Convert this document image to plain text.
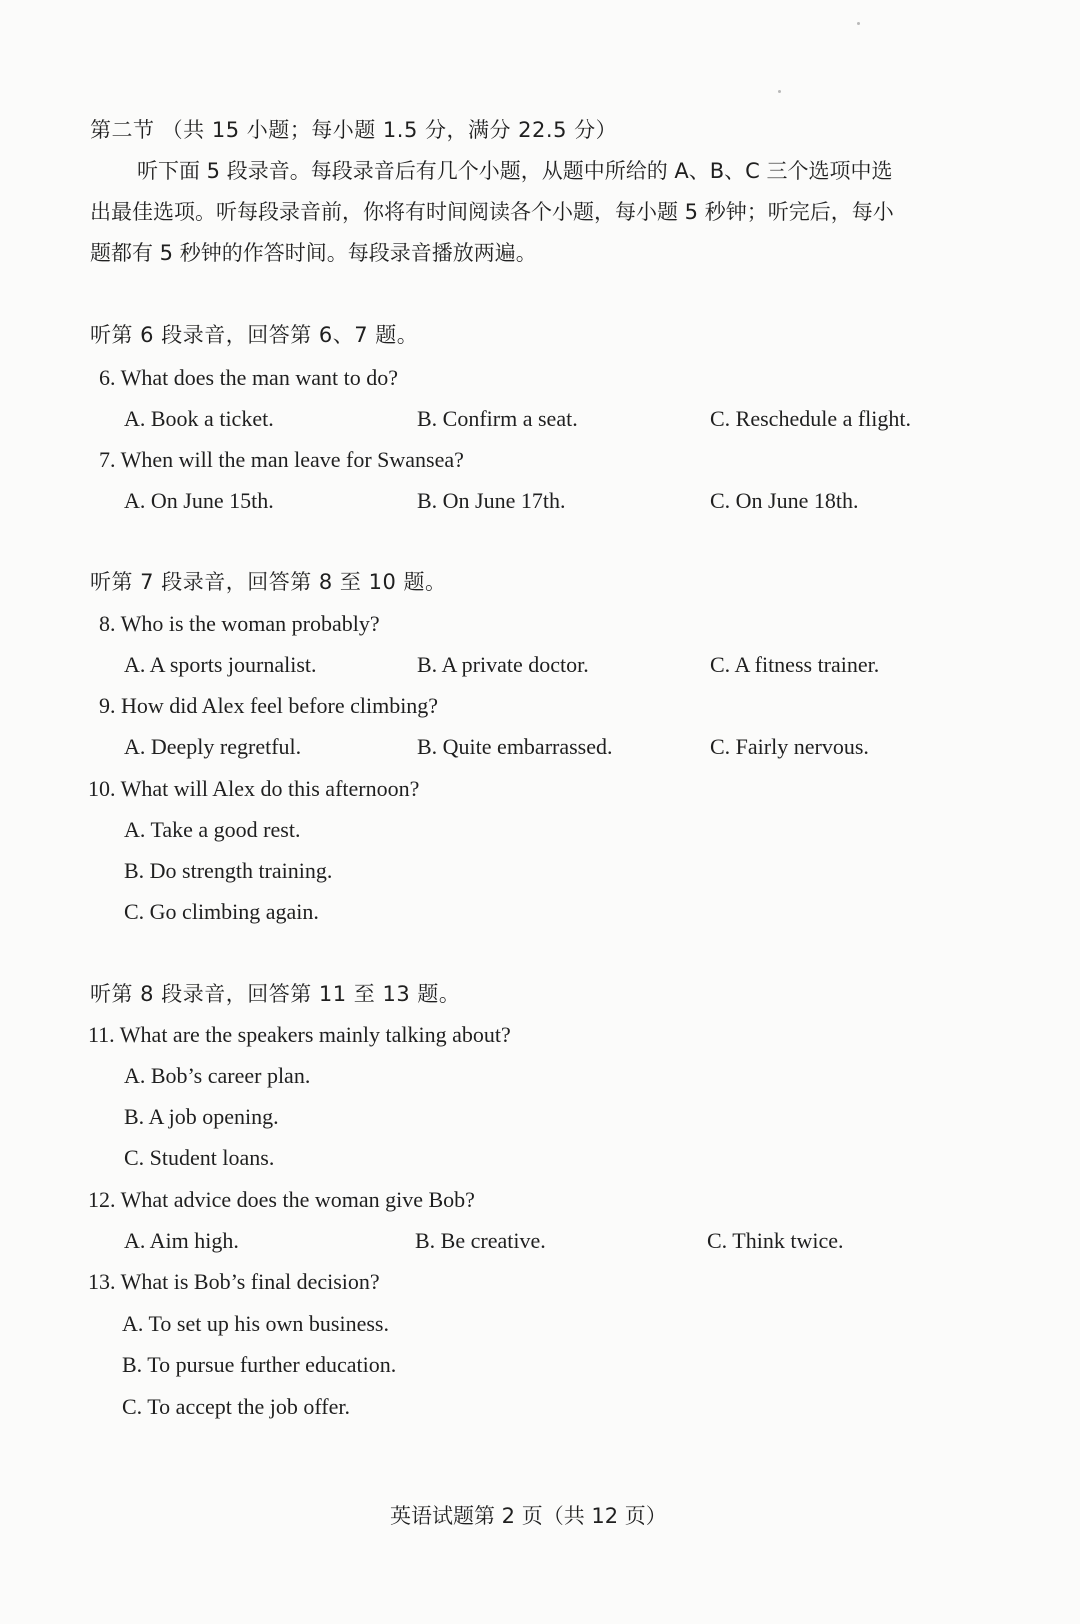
第二节 （共 15 小题；每小题 1.5 分，满分 22.5 分）
听下面 5 段录音。每段录音后有几个小题，从题中所给的 A、B、C 三个选项中选
出最佳选项。听每段录音前，你将有时间阅读各个小题，每小题 5 秒钟；听完后，每小
题都有 5 秒钟的作答时间。每段录音播放两遍。
听第 6 段录音，回答第 6、7 题。
6. What does the man want to do?
A. Book a ticket.	B. Confirm a seat.	C. Reschedule a flight.
7. When will the man leave for Swansea?
A. On June 15th.	B. On June 17th.	C. On June 18th.
听第 7 段录音，回答第 8 至 10 题。
8. Who is the woman probably?
A. A sports journalist.	B. A private doctor.	C. A fitness trainer.
9. How did Alex feel before climbing?
A. Deeply regretful.	B. Quite embarrassed.	C. Fairly nervous.
10. What will Alex do this afternoon?
A. Take a good rest.
B. Do strength training.
C. Go climbing again.
听第 8 段录音，回答第 11 至 13 题。
11. What are the speakers mainly talking about?
A. Bob’s career plan.
B. A job opening.
C. Student loans.
12. What advice does the woman give Bob?
A. Aim high.	B. Be creative.	C. Think twice.
13. What is Bob’s final decision?
A. To set up his own business.
B. To pursue further education.
C. To accept the job offer.
英语试题第 2 页（共 12 页）
